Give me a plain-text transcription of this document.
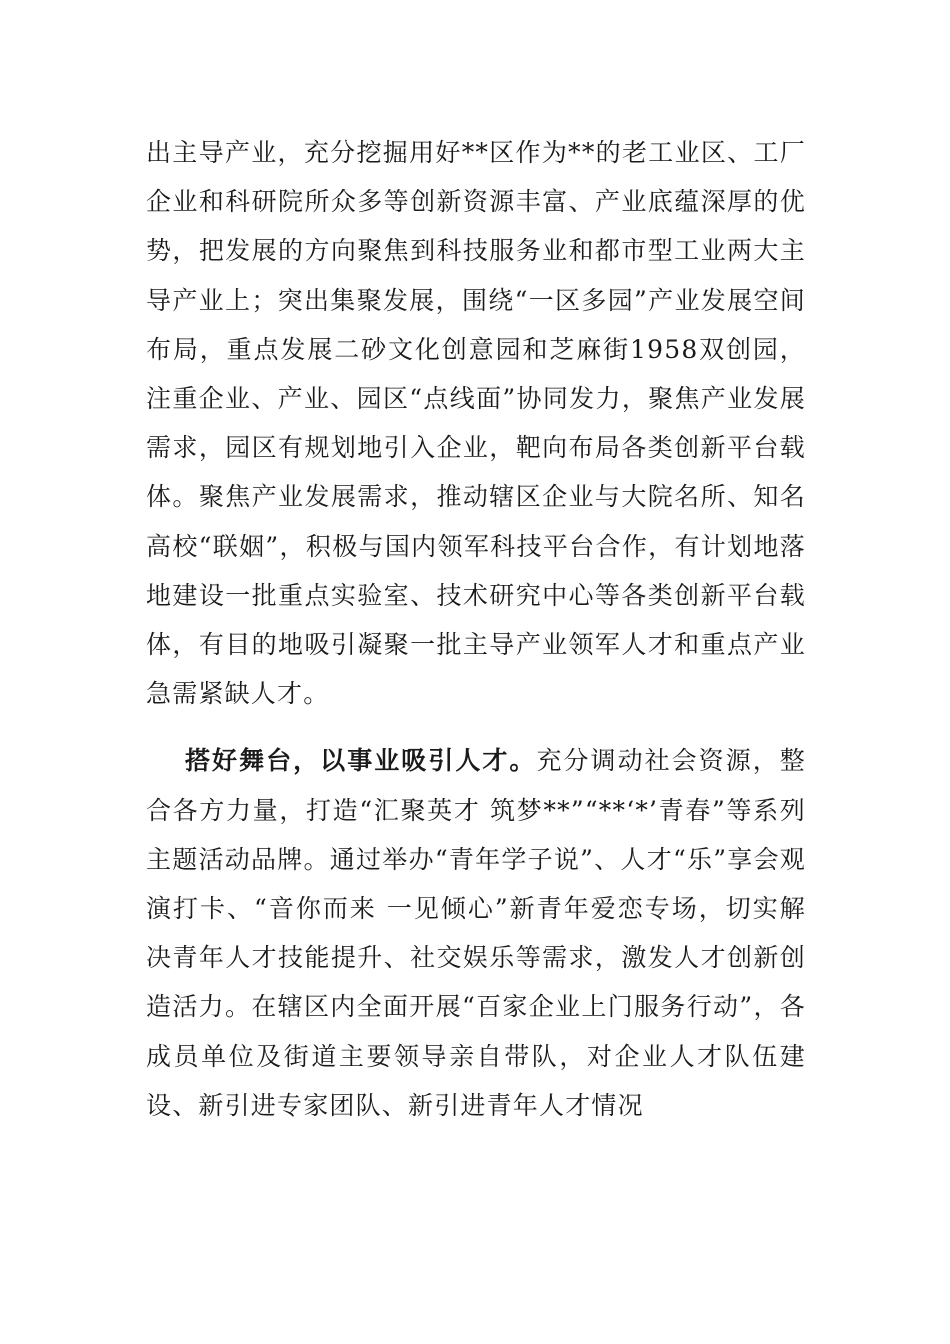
出主导产业，充分挖掘用好**区作为**的老工业区、工厂企业和科研院所众多等创新资源丰富、产业底蕴深厚的优势，把发展的方向聚焦到科技服务业和都市型工业两大主导产业上；突出集聚发展，围绕“一区多园”产业发展空间布局，重点发展二砂文化创意园和芝麻街1958双创园，注重企业、产业、园区“点线面”协同发力，聚焦产业发展需求，园区有规划地引入企业，靶向布局各类创新平台载体。聚焦产业发展需求，推动辖区企业与大院名所、知名高校“联姻”，积极与国内领军科技平台合作，有计划地落地建设一批重点实验室、技术研究中心等各类创新平台载体，有目的地吸引凝聚一批主导产业领军人才和重点产业急需紧缺人才。

搭好舞台，以事业吸引人才。充分调动社会资源，整合各方力量，打造“汇聚英才 筑梦**”“**‘*’青春”等系列主题活动品牌。通过举办“青年学子说”、人才“乐”享会观演打卡、“音你而来 一见倾心”新青年爱恋专场，切实解决青年人才技能提升、社交娱乐等需求，激发人才创新创造活力。在辖区内全面开展“百家企业上门服务行动”，各成员单位及街道主要领导亲自带队，对企业人才队伍建设、新引进专家团队、新引进青年人才情况
